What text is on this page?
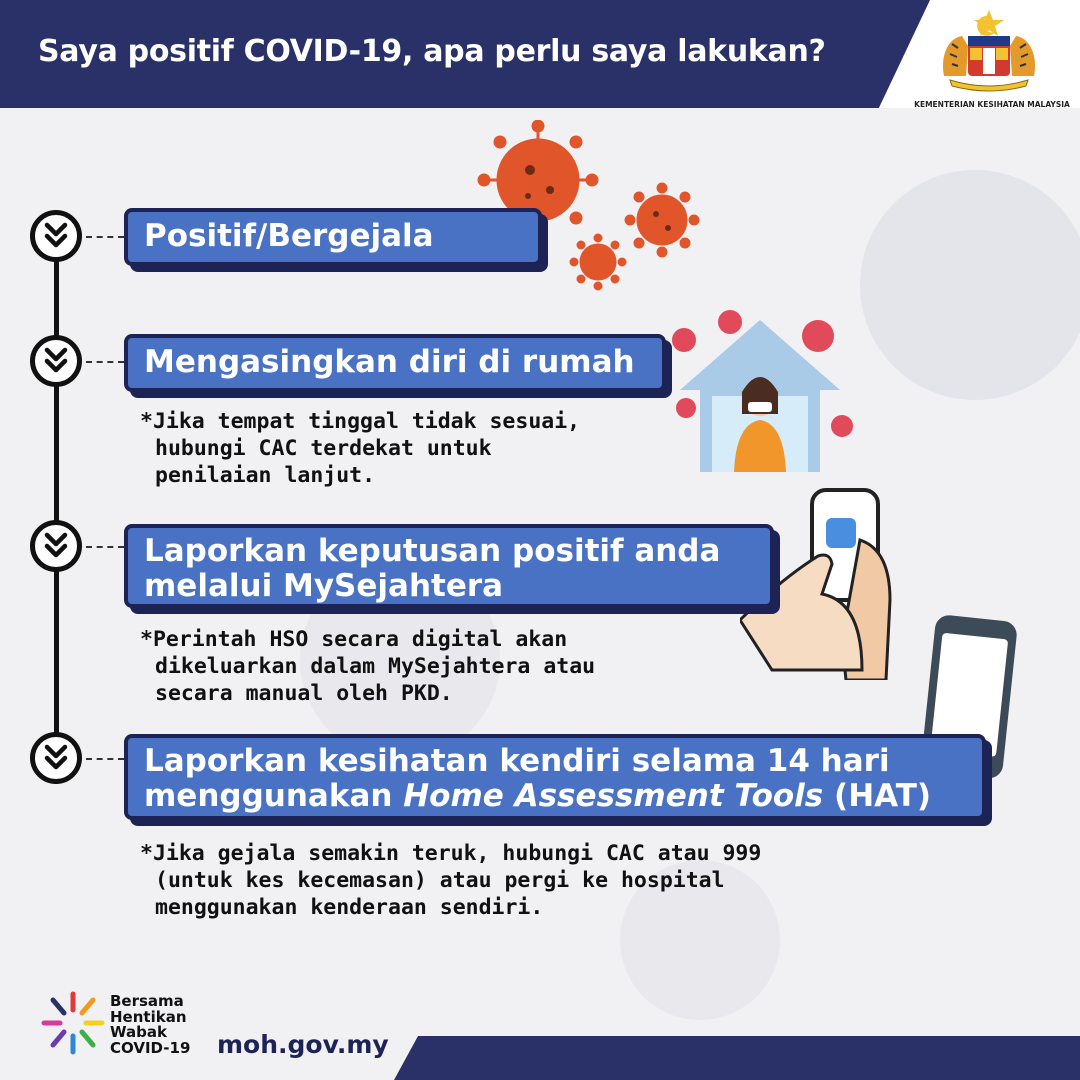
Saya positif COVID-19, apa perlu saya lakukan?
KEMENTERIAN KESIHATAN MALAYSIA
Positif/Bergejala
Mengasingkan diri di rumah
*Jika tempat tinggal tidak sesuai,
hubungi CAC terdekat untuk
penilaian lanjut.
Laporkan keputusan positif anda
melalui MySejahtera
*Perintah HSO secara digital akan
dikeluarkan dalam MySejahtera atau
secara manual oleh PKD.
Laporkan kesihatan kendiri selama 14 hari
menggunakan Home Assessment Tools (HAT)
*Jika gejala semakin teruk, hubungi CAC atau 999
(untuk kes kecemasan) atau pergi ke hospital
menggunakan kenderaan sendiri.
Bersama
Hentikan
Wabak
COVID-19 moh.gov.my
